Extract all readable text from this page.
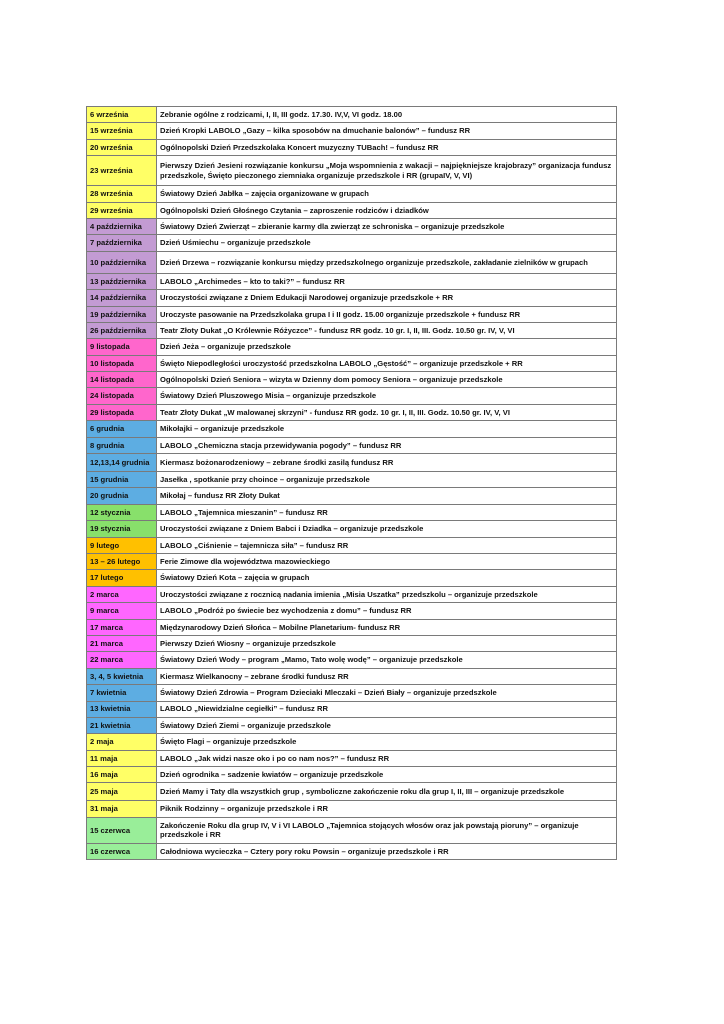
6 września	Zebranie ogólne z rodzicami, I, II, III godz. 17.30. IV,V, VI godz. 18.00
15 września	Dzień Kropki LABOLO „Gazy – kilka sposobów na dmuchanie balonów” – fundusz RR
20 września	Ogólnopolski Dzień Przedszkolaka Koncert muzyczny TUBach! – fundusz RR
23 września	Pierwszy Dzień Jesieni rozwiązanie konkursu „Moja wspomnienia z wakacji – najpiękniejsze krajobrazy” organizacja fundusz przedszkole, Święto pieczonego ziemniaka organizuje przedszkole i RR (grupaIV, V, VI)
28 września	Światowy Dzień Jabłka – zajęcia organizowane w grupach
29 września	Ogólnopolski Dzień Głośnego Czytania – zaproszenie rodziców i dziadków
4 października	Światowy Dzień Zwierząt – zbieranie karmy dla zwierząt ze schroniska – organizuje przedszkole
7 października	Dzień Uśmiechu – organizuje przedszkole
10 października	Dzień Drzewa – rozwiązanie konkursu między przedszkolnego organizuje przedszkole, zakładanie zielników w grupach
13 października	LABOLO „Archimedes – kto to taki?” – fundusz RR
14 października	Uroczystości związane z Dniem Edukacji Narodowej organizuje przedszkole + RR
19 października	Uroczyste pasowanie na Przedszkolaka grupa I i II godz. 15.00 organizuje przedszkole + fundusz RR
26 października	Teatr Złoty Dukat „O Królewnie Różyczce” - fundusz RR godz. 10 gr. I, II, III. Godz. 10.50 gr. IV, V, VI
9 listopada	Dzień Jeża – organizuje przedszkole
10 listopada	Święto Niepodległości uroczystość przedszkolna LABOLO „Gęstość” – organizuje przedszkole + RR
14 listopada	Ogólnopolski Dzień Seniora – wizyta w Dzienny dom pomocy Seniora – organizuje przedszkole
24 listopada	Światowy Dzień Pluszowego Misia – organizuje przedszkole
29 listopada	Teatr Złoty Dukat „W malowanej skrzyni” - fundusz RR godz. 10 gr. I, II, III. Godz. 10.50 gr. IV, V, VI
6 grudnia	Mikołajki – organizuje przedszkole
8 grudnia	LABOLO „Chemiczna stacja przewidywania pogody” – fundusz RR
12,13,14 grudnia	Kiermasz bożonarodzeniowy – zebrane środki zasilą fundusz RR
15 grudnia	Jasełka , spotkanie przy choince – organizuje przedszkole
20 grudnia	Mikołaj – fundusz RR Złoty Dukat
12 stycznia	LABOLO „Tajemnica mieszanin” – fundusz RR
19 stycznia	Uroczystości związane z Dniem Babci i Dziadka – organizuje przedszkole
9 lutego	LABOLO „Ciśnienie – tajemnicza siła” – fundusz RR
13 – 26 lutego	Ferie Zimowe dla województwa mazowieckiego
17 lutego	Światowy Dzień Kota – zajęcia w grupach
2 marca	Uroczystości związane z rocznicą nadania imienia „Misia Uszatka” przedszkolu – organizuje przedszkole
9 marca	LABOLO „Podróż po świecie bez wychodzenia z domu” – fundusz RR
17 marca	Międzynarodowy Dzień Słońca – Mobilne Planetarium- fundusz RR
21 marca	Pierwszy Dzień Wiosny – organizuje przedszkole
22 marca	Światowy Dzień Wody – program „Mamo, Tato wolę wodę” – organizuje przedszkole
3, 4, 5 kwietnia	Kiermasz Wielkanocny – zebrane środki fundusz RR
7 kwietnia	Światowy Dzień Zdrowia – Program Dzieciaki Mleczaki – Dzień Biały – organizuje przedszkole
13 kwietnia	LABOLO „Niewidzialne cegiełki” – fundusz RR
21 kwietnia	Światowy Dzień Ziemi – organizuje przedszkole
2 maja	Święto Flagi – organizuje przedszkole
11 maja	LABOLO „Jak widzi nasze oko i po co nam nos?” – fundusz RR
16 maja	Dzień ogrodnika – sadzenie kwiatów – organizuje przedszkole
25 maja	Dzień Mamy i Taty dla wszystkich grup , symboliczne zakończenie roku dla grup I, II, III – organizuje przedszkole
31 maja	Piknik Rodzinny – organizuje przedszkole i RR
15 czerwca	Zakończenie Roku dla grup IV, V i VI LABOLO „Tajemnica stojących włosów oraz jak powstają pioruny” – organizuje przedszkole i RR
16 czerwca	Całodniowa wycieczka – Cztery pory roku Powsin – organizuje przedszkole i RR
